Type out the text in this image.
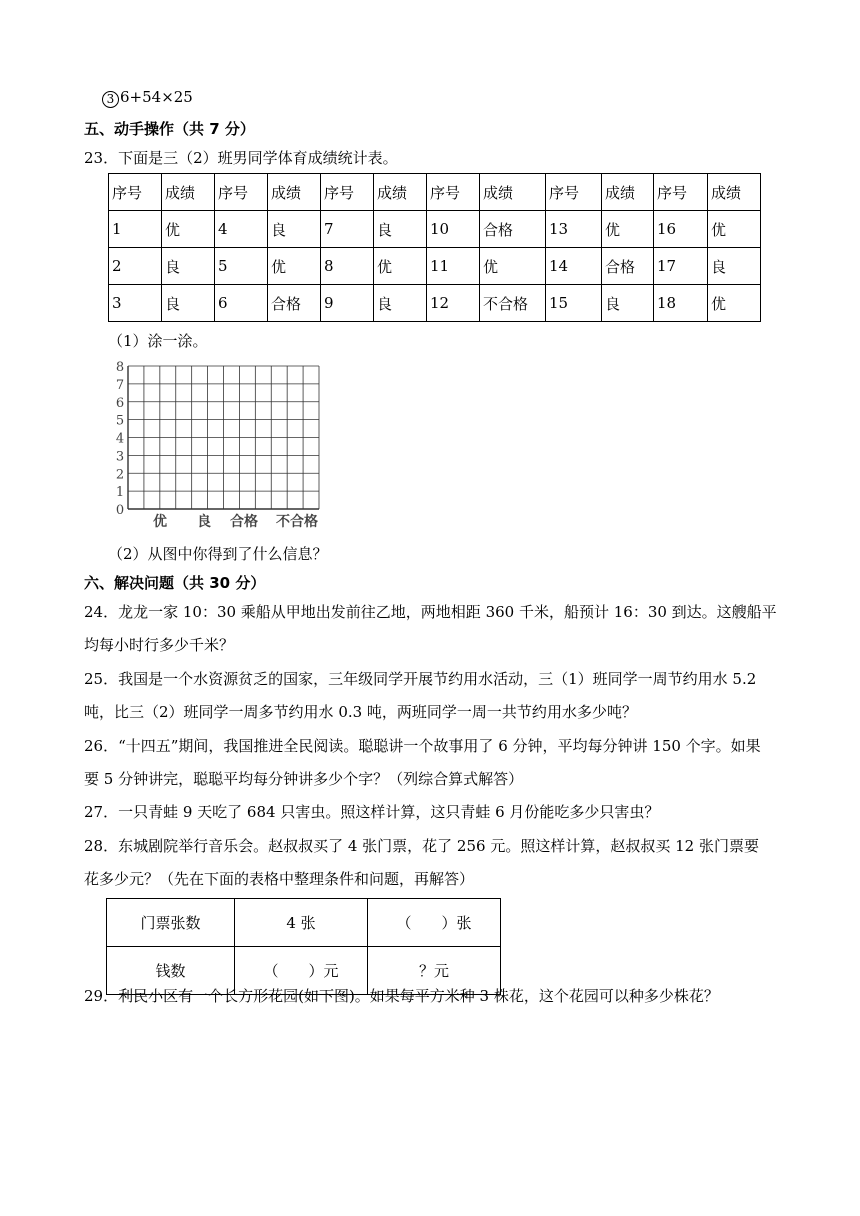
3 6+54×25
五、动手操作（共 7 分）
23．下面是三（2）班男同学体育成绩统计表。
序号	成绩	序号	成绩	序号	成绩	序号	成绩	序号	成绩	序号	成绩
1	优	4	良	7	良	10	合格	13	优	16	优
2	良	5	优	8	优	11	优	14	合格	17	良
3	良	6	合格	9	良	12	不合格	15	良	18	优
（1）涂一涂。
0
1
2
3
4
5
6
7
8
优 良 合格 不合格
（2）从图中你得到了什么信息？
六、解决问题（共 30 分）
24．龙龙一家 10：30 乘船从甲地出发前往乙地，两地相距 360 千米，船预计 16：30 到达。这艘船平
均每小时行多少千米？
25．我国是一个水资源贫乏的国家，三年级同学开展节约用水活动，三（1）班同学一周节约用水 5.2
吨，比三（2）班同学一周多节约用水 0.3 吨，两班同学一周一共节约用水多少吨？
26．“十四五”期间，我国推进全民阅读。聪聪讲一个故事用了 6 分钟，平均每分钟讲 150 个字。如果
要 5 分钟讲完，聪聪平均每分钟讲多少个字？（列综合算式解答）
27．一只青蛙 9 天吃了 684 只害虫。照这样计算，这只青蛙 6 月份能吃多少只害虫？
28．东城剧院举行音乐会。赵叔叔买了 4 张门票，花了 256 元。照这样计算，赵叔叔买 12 张门票要
花多少元？（先在下面的表格中整理条件和问题，再解答）
门票张数	4 张	（　　）张
钱数	（　　）元	？元
29．利民小区有一个长方形花园(如下图)。如果每平方米种 3 株花，这个花园可以种多少株花？
